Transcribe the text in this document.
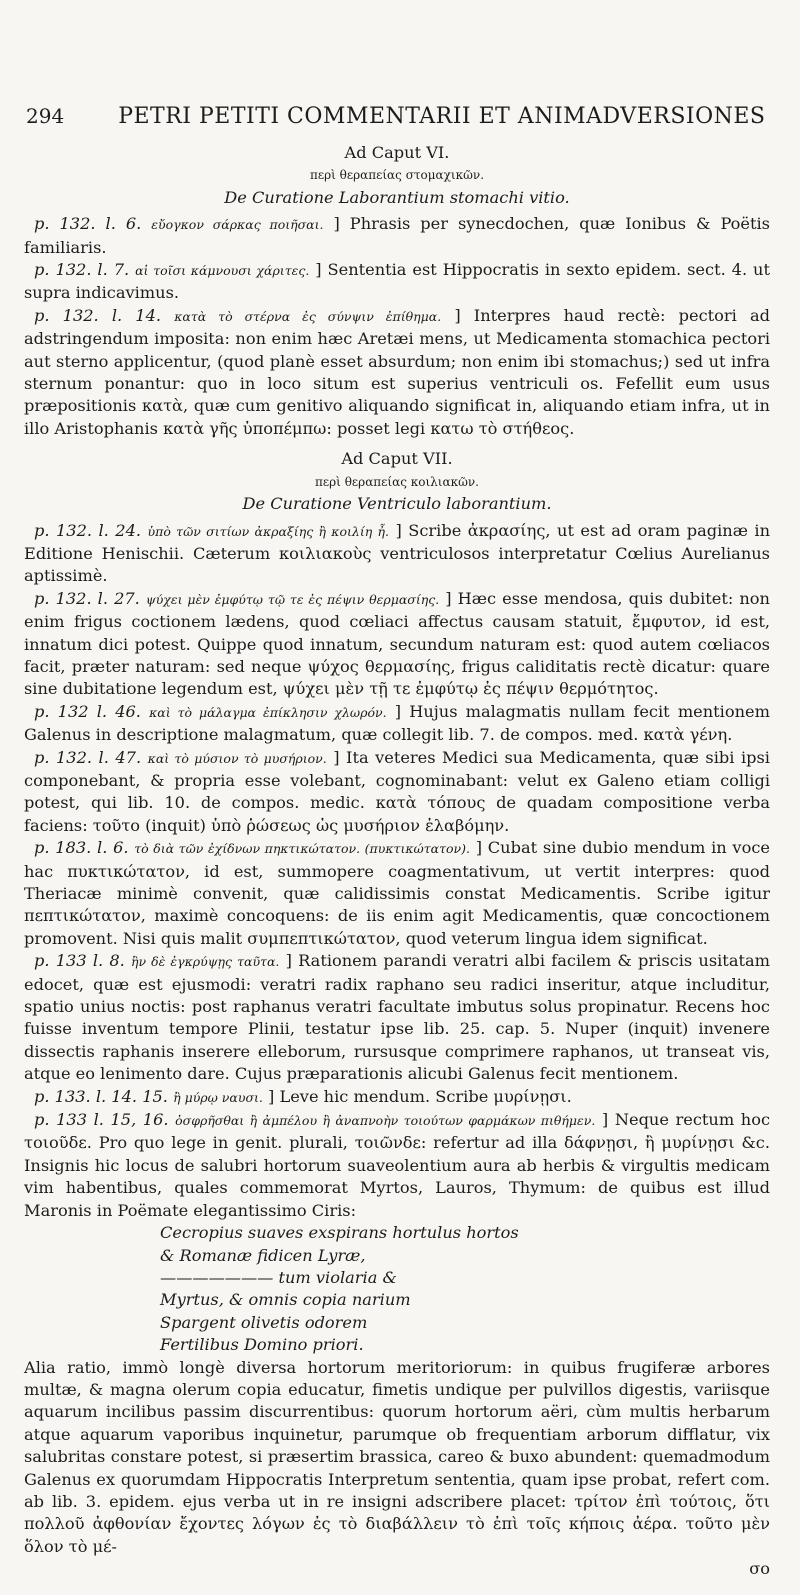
294 PETRI PETITI COMMENTARII ET ANIMADVERSIONES

Ad Caput VI.

περὶ θεραπείας στομαχικῶν.

De Curatione Laborantium stomachi vitio.

p. 132. l. 6. εὔογκον σάρκας ποιῆσαι. ] Phrasis per synecdochen, quæ Ionibus & Poëtis familiaris.

p. 132. l. 7. αἱ τοῖσι κάμνουσι χάριτες. ] Sententia est Hippocratis in sexto epidem. sect. 4. ut supra indicavimus.

p. 132. l. 14. κατὰ τὸ στέρνα ἐς σύνψιν ἐπίθημα. ] Interpres haud rectè: pectori ad adstringendum imposita: non enim hæc Aretæi mens, ut Medicamenta stomachica pectori aut sterno applicentur, (quod planè esset absurdum; non enim ibi stomachus;) sed ut infra sternum ponantur: quo in loco situm est superius ventriculi os. Fefellit eum usus præpositionis κατὰ, quæ cum genitivo aliquando significat in, aliquando etiam infra, ut in illo Aristophanis κατὰ γῆς ὑποπέμπω: posset legi κατω τὸ στήθεος.

Ad Caput VII.

περὶ θεραπείας κοιλιακῶν.

De Curatione Ventriculo laborantium.

p. 132. l. 24. ὑπὸ τῶν σιτίων ἀκραξίης ἢ κοιλίη ἦ. ] Scribe ἀκρασίης, ut est ad oram paginæ in Editione Henischii. Cæterum κοιλιακοὺς ventriculosos interpretatur Cœlius Aurelianus aptissimè.

p. 132. l. 27. ψύχει μὲν ἐμφύτῳ τῷ τε ἐς πέψιν θερμασίης. ] Hæc esse mendosa, quis dubitet: non enim frigus coctionem lædens, quod cœliaci affectus causam statuit, ἔμφυτον, id est, innatum dici potest. Quippe quod innatum, secundum naturam est: quod autem cœliacos facit, præter naturam: sed neque ψύχος θερμασίης, frigus caliditatis rectè dicatur: quare sine dubitatione legendum est, ψύχει μὲν τῇ τε ἐμφύτῳ ἐς πέψιν θερμότητος.

p. 132 l. 46. καὶ τὸ μάλαγμα ἐπίκλησιν χλωρόν. ] Hujus malagmatis nullam fecit mentionem Galenus in descriptione malagmatum, quæ collegit lib. 7. de compos. med. κατὰ γένη.

p. 132. l. 47. καὶ τὸ μύσιον τὸ μυσήριον. ] Ita veteres Medici sua Medicamenta, quæ sibi ipsi componebant, & propria esse volebant, cognominabant: velut ex Galeno etiam colligi potest, qui lib. 10. de compos. medic. κατὰ τόπους de quadam compositione verba faciens: τοῦτο (inquit) ὑπὸ ῥώσεως ὡς μυσήριον ἐλαβόμην.

p. 183. l. 6. τὸ διὰ τῶν ἐχίδνων πηκτικώτατον. (πυκτικώτατον). ] Cubat sine dubio mendum in voce hac πυκτικώτατον, id est, summopere coagmentativum, ut vertit interpres: quod Theriacæ minimè convenit, quæ calidissimis constat Medicamentis. Scribe igitur πεπτικώτατον, maximè concoquens: de iis enim agit Medicamentis, quæ concoctionem promovent. Nisi quis malit συμπεπτικώτατον, quod veterum lingua idem significat.

p. 133 l. 8. ἢν δὲ ἐγκρύψῃς ταῦτα. ] Rationem parandi veratri albi facilem & priscis usitatam edocet, quæ est ejusmodi: veratri radix raphano seu radici inseritur, atque includitur, spatio unius noctis: post raphanus veratri facultate imbutus solus propinatur. Recens hoc fuisse inventum tempore Plinii, testatur ipse lib. 25. cap. 5. Nuper (inquit) invenere dissectis raphanis inserere elleborum, rursusque comprimere raphanos, ut transeat vis, atque eo lenimento dare. Cujus præparationis alicubi Galenus fecit mentionem.

p. 133. l. 14. 15. ἢ μύρῳ ναυσι. ] Leve hic mendum. Scribe μυρίνῃσι.

p. 133 l. 15, 16. ὀσφρῆσθαι ἢ ἀμπέλου ἢ ἀναπνοὴν τοιούτων φαρμάκων πιθήμεν. ] Neque rectum hoc τοιοῦδε. Pro quo lege in genit. plurali, τοιῶνδε: refertur ad illa δάφνῃσι, ἢ μυρίνῃσι &c. Insignis hic locus de salubri hortorum suaveolentium aura ab herbis & virgultis medicam vim habentibus, quales commemorat Myrtos, Lauros, Thymum: de quibus est illud Maronis in Poëmate elegantissimo Ciris:

Cecropius suaves exspirans hortulus hortos

& Romanæ fidicen Lyræ,

——————— tum violaria &

Myrtus, & omnis copia narium

Spargent olivetis odorem

Fertilibus Domino priori.

Alia ratio, immò longè diversa hortorum meritoriorum: in quibus frugiferæ arbores multæ, & magna olerum copia educatur, fimetis undique per pulvillos digestis, variisque aquarum incilibus passim discurrentibus: quorum hortorum aëri, cùm multis herbarum atque aquarum vaporibus inquinetur, parumque ob frequentiam arborum difflatur, vix salubritas constare potest, si præsertim brassica, careo & buxo abundent: quemadmodum Galenus ex quorumdam Hippocratis Interpretum sententia, quam ipse probat, refert com. ab lib. 3. epidem. ejus verba ut in re insigni adscribere placet: τρίτον ἐπὶ τούτοις, ὅτι πολλοῦ ἀφθονίαν ἔχοντες λόγων ἐς τὸ διαβάλλειν τὸ ἐπὶ τοῖς κήποις ἀέρα. τοῦτο μὲν ὅλον τὸ μέ-

σο
